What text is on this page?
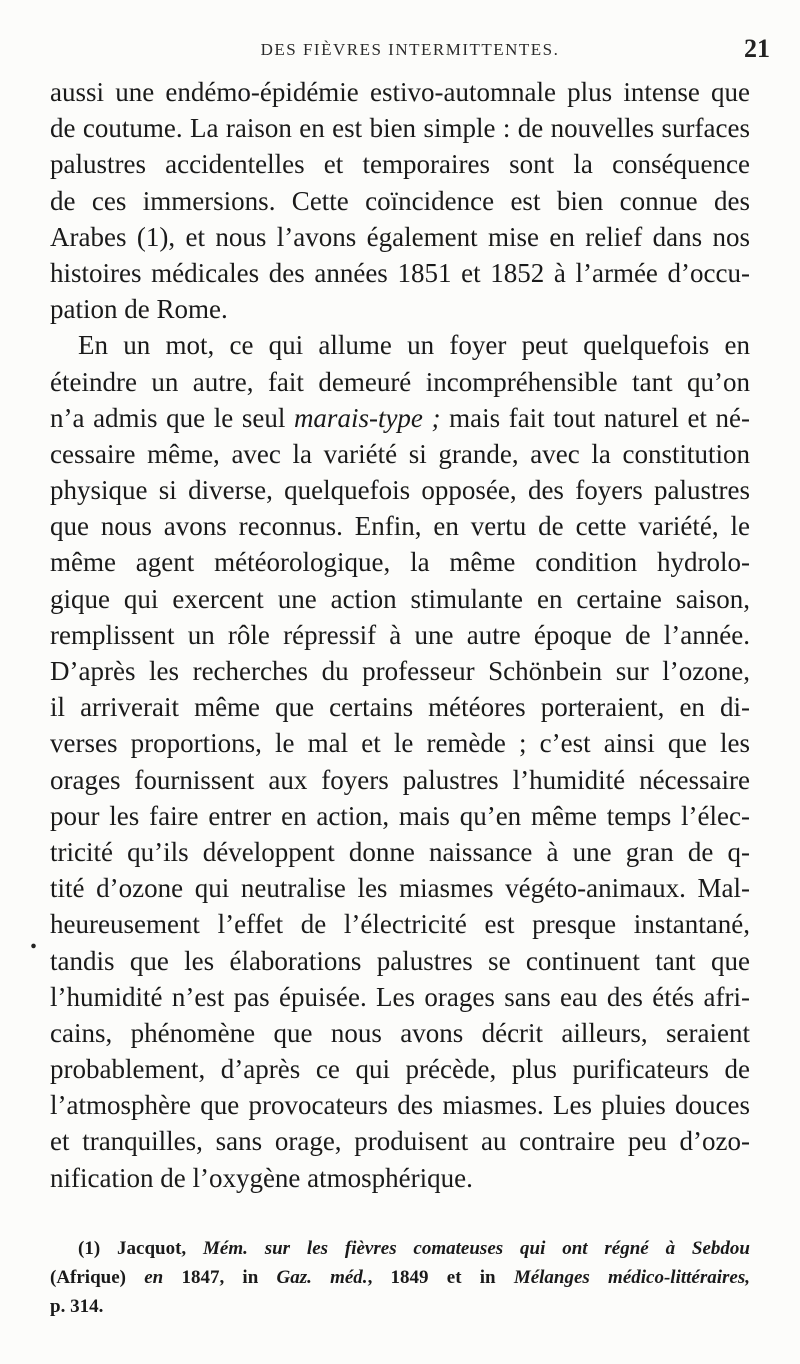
DES FIÈVRES INTERMITTENTES.	21
aussi une endémo-épidémie estivo-automnale plus intense que
de coutume. La raison en est bien simple : de nouvelles surfaces
palustres accidentelles et temporaires sont la conséquence
de ces immersions. Cette coïncidence est bien connue des
Arabes (1), et nous l’avons également mise en relief dans nos
histoires médicales des années 1851 et 1852 à l’armée d’occu-
pation de Rome.
En un mot, ce qui allume un foyer peut quelquefois en
éteindre un autre, fait demeuré incompréhensible tant qu’on
n’a admis que le seul marais-type ; mais fait tout naturel et né-
cessaire même, avec la variété si grande, avec la constitution
physique si diverse, quelquefois opposée, des foyers palustres
que nous avons reconnus. Enfin, en vertu de cette variété, le
même agent météorologique, la même condition hydrolo-
gique qui exercent une action stimulante en certaine saison,
remplissent un rôle répressif à une autre époque de l’année.
D’après les recherches du professeur Schönbein sur l’ozone,
il arriverait même que certains météores porteraient, en di-
verses proportions, le mal et le remède ; c’est ainsi que les
orages fournissent aux foyers palustres l’humidité nécessaire
pour les faire entrer en action, mais qu’en même temps l’élec-
tricité qu’ils développent donne naissance à une gran de q-
tité d’ozone qui neutralise les miasmes végéto-animaux. Mal-
heureusement l’effet de l’électricité est presque instantané,
tandis que les élaborations palustres se continuent tant que
l’humidité n’est pas épuisée. Les orages sans eau des étés afri-
cains, phénomène que nous avons décrit ailleurs, seraient
probablement, d’après ce qui précède, plus purificateurs de
l’atmosphère que provocateurs des miasmes. Les pluies douces
et tranquilles, sans orage, produisent au contraire peu d’ozo-
nification de l’oxygène atmosphérique.
.
(1) Jacquot, Mém. sur les fièvres comateuses qui ont régné à Sebdou
(Afrique) en 1847, in Gaz. méd., 1849 et in Mélanges médico-littéraires,
p. 314.
